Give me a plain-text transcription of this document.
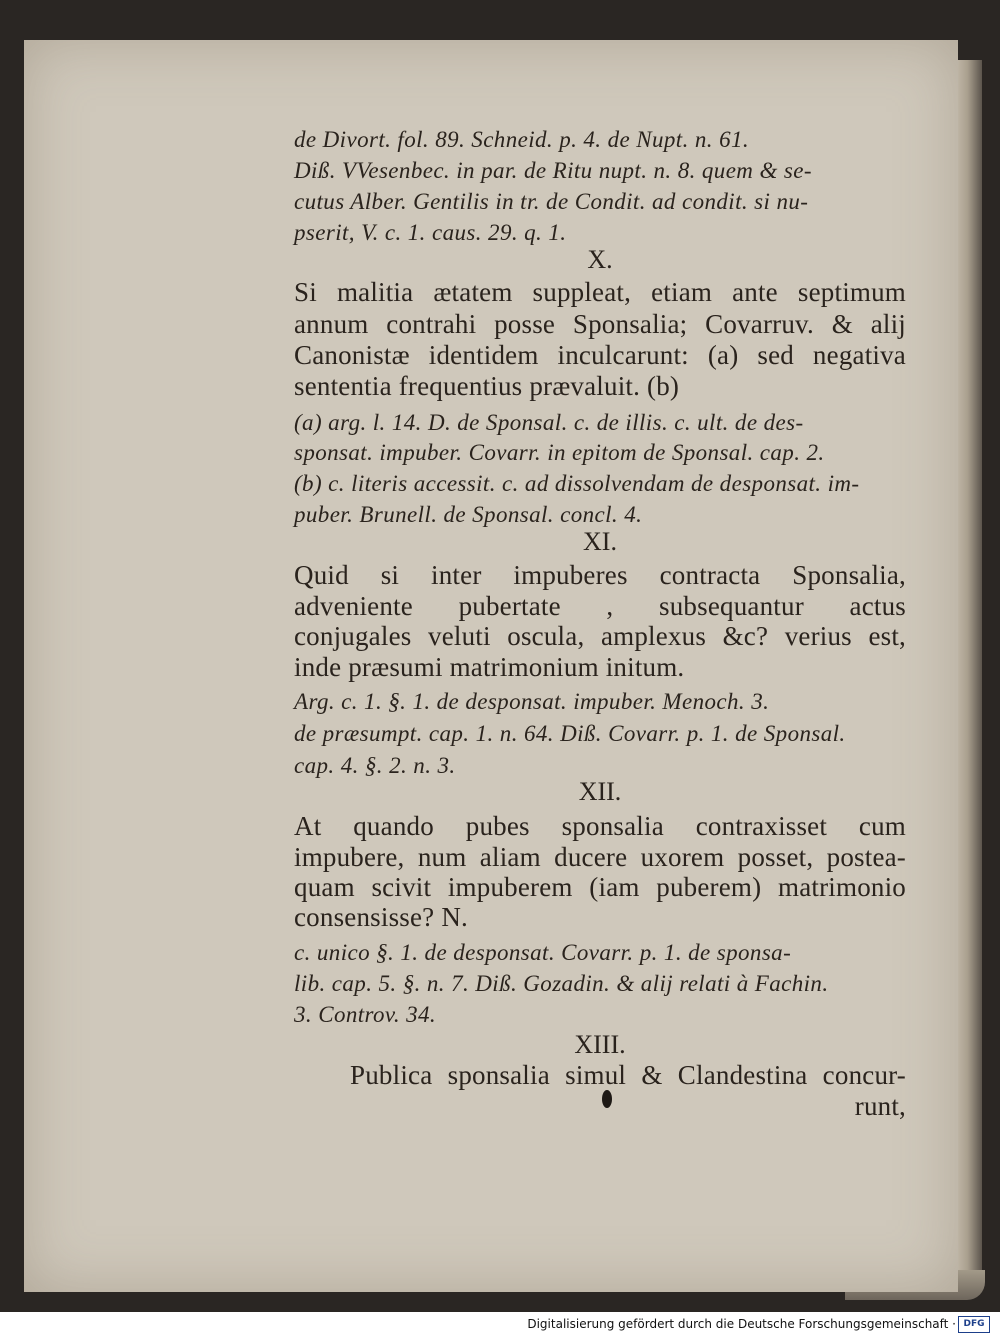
de Divort. fol. 89. Schneid. p. 4. de Nupt. n. 61.
Diß. VVesenbec. in par. de Ritu nupt. n. 8. quem & se-
cutus Alber. Gentilis in tr. de Condit. ad condit. si nu-
pserit, V. c. 1. caus. 29. q. 1.
X.
Si malitia ætatem suppleat, etiam ante septimum
annum contrahi posse Sponsalia; Covarruv. & alij
Canonistæ identidem inculcarunt: (a) sed negativa
sententia frequentius prævaluit. (b)
(a) arg. l. 14. D. de Sponsal. c. de illis. c. ult. de des-
sponsat. impuber. Covarr. in epitom de Sponsal. cap. 2.
(b) c. literis accessit. c. ad dissolvendam de desponsat. im-
puber. Brunell. de Sponsal. concl. 4.
XI.
Quid si inter impuberes contracta Sponsalia,
advenientе pubertate , subsequantur actus
conjugales veluti oscula, amplexus &c? verius est,
inde præsumi matrimonium initum.
Arg. c. 1. §. 1. de desponsat. impuber. Menoch. 3.
de præsumpt. cap. 1. n. 64. Diß. Covarr. p. 1. de Sponsal.
cap. 4. §. 2. n. 3.
XII.
At quando pubes sponsalia contraxisset cum
impubere, num aliam ducere uxorem posset, postea-
quam scivit impuberem (iam puberem) matrimonio
consensisse? N.
c. unico §. 1. de desponsat. Covarr. p. 1. de sponsa-
lib. cap. 5. §. n. 7. Diß. Gozadin. & alij relati à Fachin.
3. Controv. 34.
XIII.
Publica sponsalia simul & Clandestina concur-
runt,
Digitalisierung gefördert durch die Deutsche Forschungsgemeinschaft · DFG
